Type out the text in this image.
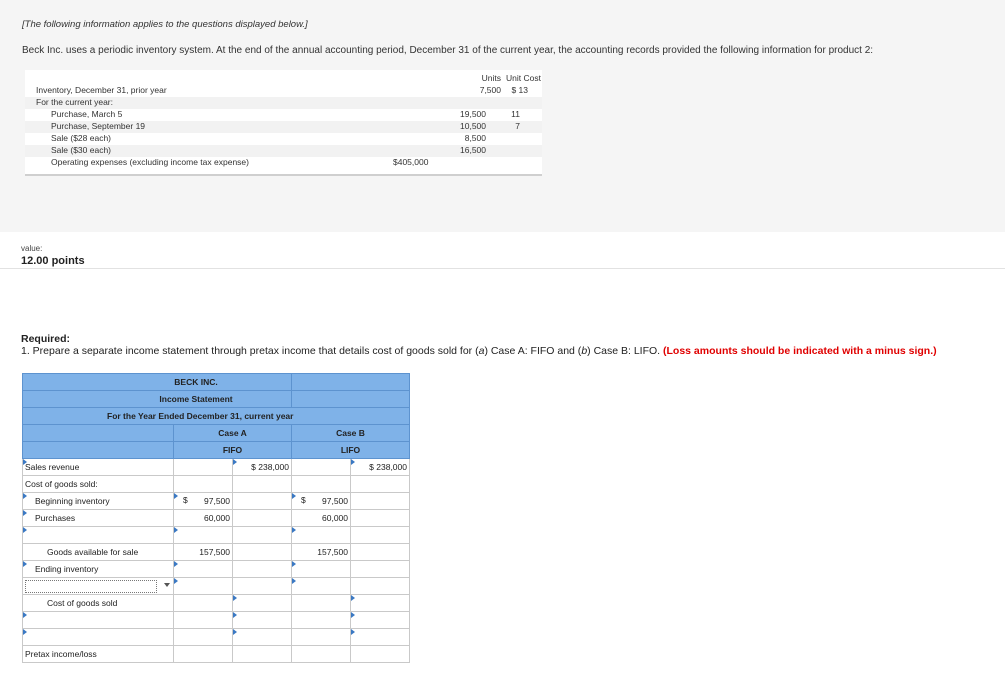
[The following information applies to the questions displayed below.]
Beck Inc. uses a periodic inventory system. At the end of the annual accounting period, December 31 of the current year, the accounting records provided the following information for product 2:
Units Unit Cost
Inventory, December 31, prior year	7,500	$ 13
For the current year:
Purchase, March 5	19,500	11
Purchase, September 19	10,500	7
Sale ($28 each)	8,500
Sale ($30 each)	16,500
Operating expenses (excluding income tax expense)	$405,000
value:
12.00 points
Required:
1. Prepare a separate income statement through pretax income that details cost of goods sold for (a) Case A: FIFO and (b) Case B: LIFO. (Loss amounts should be indicated with a minus sign.)
BECK INC.				
Income Statement				
For the Year Ended December 31, current year				
	Case A		Case B	
	FIFO		LIFO	

Sales revenue		$ 238,000		$ 238,000

Cost of goods sold:				

Beginning inventory	$ 97,500		$ 97,500	

Purchases	60,000		60,000	

Goods available for sale	157,500		157,500	

Ending inventory				

Cost of goods sold				

Pretax income/loss				
